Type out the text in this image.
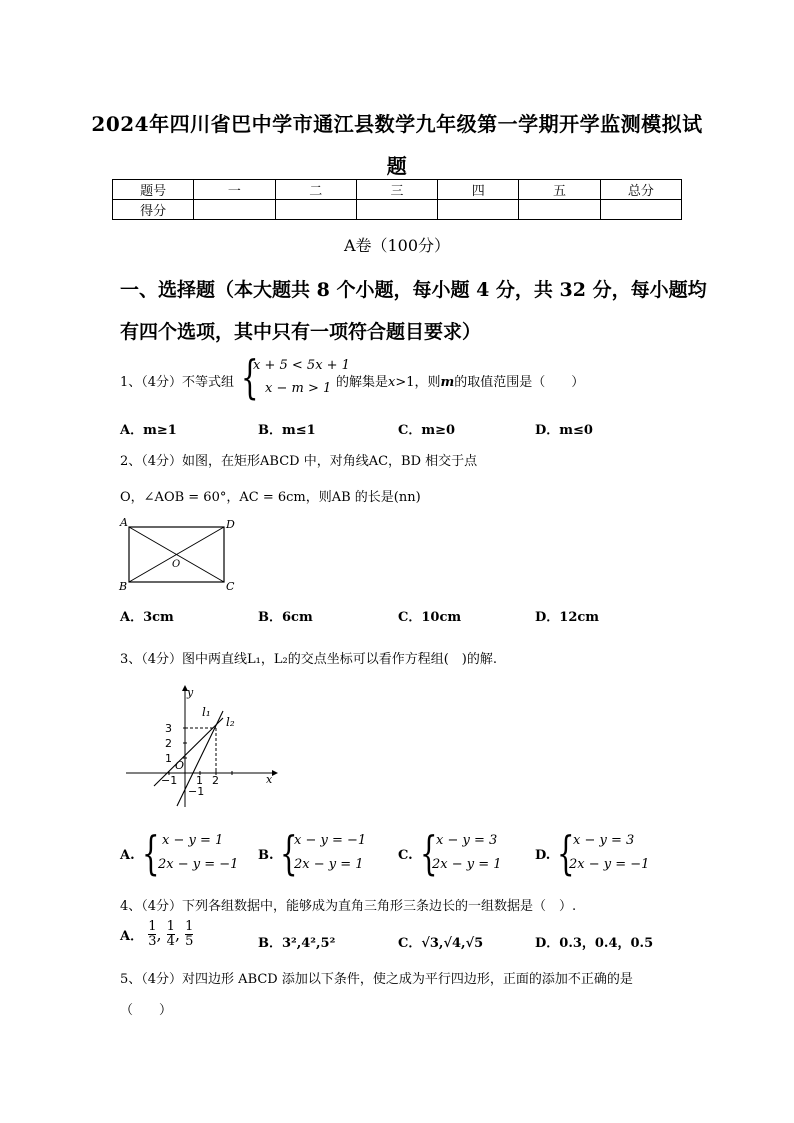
2024年四川省巴中学市通江县数学九年级第一学期开学监测模拟试
题
题号	一	二	三	四	五	总分
得分						
A卷（100分）
一、选择题（本大题共 8 个小题，每小题 4 分，共 32 分，每小题均
有四个选项，其中只有一项符合题目要求）
1、（4分）不等式组 {
x + 5 < 5x + 1
x − m > 1 的解集是x>1，则m的取值范围是（　　）
A．m≥1	B．m≤1	C．m≥0	D．m≤0
2、（4分）如图，在矩形ABCD 中，对角线AC，BD 相交于点
O，∠AOB = 60°，AC = 6cm，则AB 的长是(nn)
A	D
B	C
O
A．3cm	B．6cm	C．10cm	D．12cm
3、（4分）图中两直线L₁，L₂的交点坐标可以看作方程组(　)的解.
y
x
l₁
l₂
3
2
1
O
−1 1 2
−1
A. { x − y = 1
2x − y = −1
B. {
x − y = −1
2x − y = 1
C. {
x − y = 3
2x − y = 1
D. {
x − y = 3
2x − y = −1
4、（4分）下列各组数据中，能够成为直角三角形三条边长的一组数据是（　）.
A． $\frac{1}{3}$ , $\frac{1}{4}$ , $\frac{1}{5}$	B．3²,4²,5²	C．√3,√4,√5	D．0.3，0.4，0.5
5、（4分）对四边形 ABCD 添加以下条件，使之成为平行四边形，正面的添加不正确的是
（　　）
